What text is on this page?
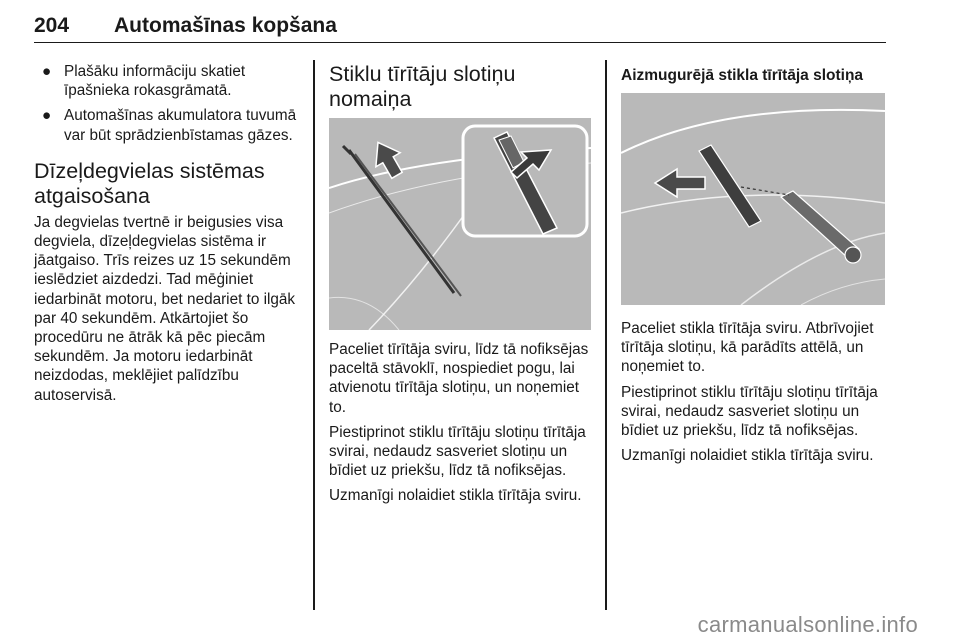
204 Automašīnas kopšana
● Plašāku informāciju skatiet īpašnieka rokasgrāmatā.
● Automašīnas akumulatora tuvumā var būt sprādzienbīstamas gāzes.
Dīzeļdegvielas sistēmas atgaisošana

Ja degvielas tvertnē ir beigusies visa degviela, dīzeļdegvielas sistēma ir jāatgaiso. Trīs reizes uz 15 sekundēm ieslēdziet aizdedzi. Tad mēģiniet iedarbināt motoru, bet nedariet to ilgāk par 40 sekundēm. Atkārtojiet šo procedūru ne ātrāk kā pēc piecām sekundēm. Ja motoru iedarbināt neizdodas, meklējiet palīdzību autoservisā.

Stiklu tīrītāju slotiņu nomaiņa

Paceliet tīrītāja sviru, līdz tā nofiksējas paceltā stāvoklī, nospiediet pogu, lai atvienotu tīrītāja slotiņu, un noņemiet to.

Piestiprinot stiklu tīrītāju slotiņu tīrītāja svirai, nedaudz sasveriet slotiņu un bīdiet uz priekšu, līdz tā nofiksējas.

Uzmanīgi nolaidiet stikla tīrītāja sviru.

Aizmugurējā stikla tīrītāja slotiņa

Paceliet stikla tīrītāja sviru. Atbrīvojiet tīrītāja slotiņu, kā parādīts attēlā, un noņemiet to.

Piestiprinot stiklu tīrītāju slotiņu tīrītāja svirai, nedaudz sasveriet slotiņu un bīdiet uz priekšu, līdz tā nofiksējas.

Uzmanīgi nolaidiet stikla tīrītāja sviru.

carmanualsonline.info
